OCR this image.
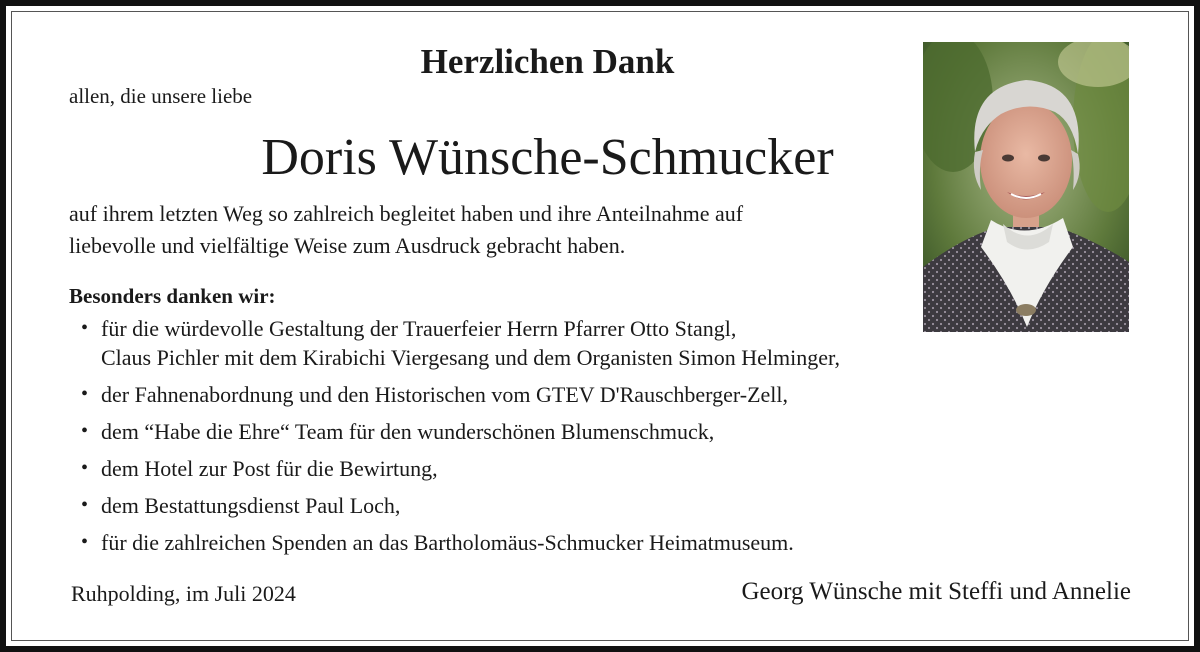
Herzlichen Dank
allen, die unsere liebe
Doris Wünsche-Schmucker
auf ihrem letzten Weg so zahlreich begleitet haben und ihre Anteilnahme auf
liebevolle und vielfältige Weise zum Ausdruck gebracht haben.
Besonders danken wir:
• für die würdevolle Gestaltung der Trauerfeier Herrn Pfarrer Otto Stangl,
Claus Pichler mit dem Kirabichi Viergesang und dem Organisten Simon Helminger,
• der Fahnenabordnung und den Historischen vom GTEV D'Rauschberger-Zell,
• dem “Habe die Ehre“ Team für den wunderschönen Blumenschmuck,
• dem Hotel zur Post für die Bewirtung,
• dem Bestattungsdienst Paul Loch,
• für die zahlreichen Spenden an das Bartholomäus-Schmucker Heimatmuseum.
Ruhpolding, im Juli 2024	Georg Wünsche mit Steffi und Annelie
